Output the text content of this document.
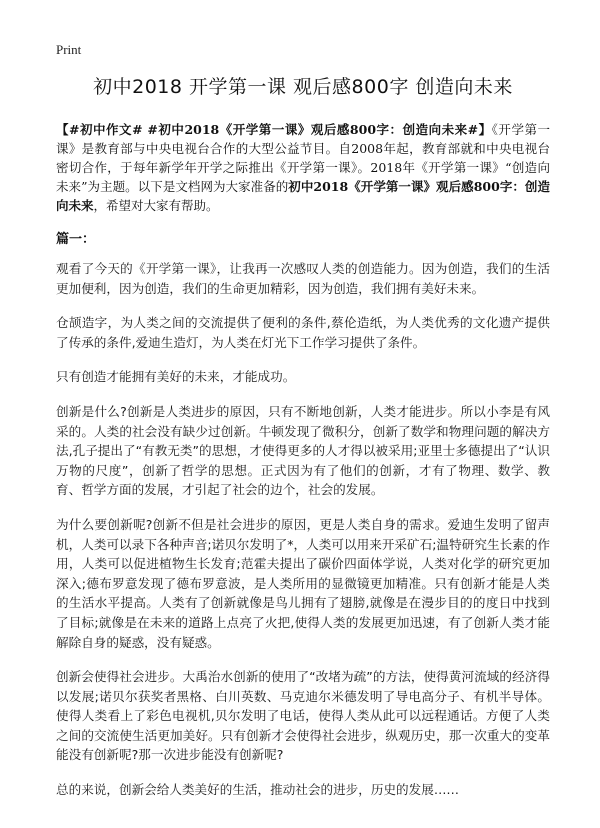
Print
初中2018 开学第一课 观后感800字 创造向未来

【#初中作文# #初中2018《开学第一课》观后感800字：创造向未来#】《开学第一课》是教育部与中央电视台合作的大型公益节目。自2008年起，教育部就和中央电视台密切合作，于每年新学年开学之际推出《开学第一课》。2018年《开学第一课》“创造向未来”为主题。以下是文档网为大家准备的初中2018《开学第一课》观后感800字：创造向未来，希望对大家有帮助。

篇一：

观看了今天的《开学第一课》，让我再一次感叹人类的创造能力。因为创造，我们的生活更加便利，因为创造，我们的生命更加精彩，因为创造，我们拥有美好未来。

仓颉造字，为人类之间的交流提供了便利的条件,蔡伦造纸，为人类优秀的文化遗产提供了传承的条件,爱迪生造灯，为人类在灯光下工作学习提供了条件。

只有创造才能拥有美好的未来，才能成功。

创新是什么?创新是人类进步的原因，只有不断地创新，人类才能进步。所以小李是有风采的。人类的社会没有缺少过创新。牛顿发现了微积分，创新了数学和物理问题的解决方法,孔子提出了“有教无类”的思想，才使得更多的人才得以被采用;亚里士多德提出了“认识万物的尺度”，创新了哲学的思想。正式因为有了他们的创新，才有了物理、数学、教育、哲学方面的发展，才引起了社会的边个，社会的发展。

为什么要创新呢?创新不但是社会进步的原因，更是人类自身的需求。爱迪生发明了留声机，人类可以录下各种声音;诺贝尔发明了*，人类可以用来开采矿石;温特研究生长素的作用，人类可以促进植物生长发育;范霍夫提出了碳价四面体学说，人类对化学的研究更加深入;德布罗意发现了德布罗意波，是人类所用的显微镜更加精准。只有创新才能是人类的生活水平提高。人类有了创新就像是鸟儿拥有了翅膀,就像是在漫步目的的度日中找到了目标;就像是在未来的道路上点亮了火把,使得人类的发展更加迅速，有了创新人类才能解除自身的疑惑，没有疑惑。

创新会使得社会进步。大禹治水创新的使用了“改堵为疏”的方法，使得黄河流域的经济得以发展;诺贝尔获奖者黑格、白川英数、马克迪尔米德发明了导电高分子、有机半导体。使得人类看上了彩色电视机,贝尔发明了电话，使得人类从此可以远程通话。方便了人类之间的交流使生活更加美好。只有创新才会使得社会进步，纵观历史，那一次重大的变革能没有创新呢?那一次进步能没有创新呢?

总的来说，创新会给人类美好的生活，推动社会的进步，历史的发展……
